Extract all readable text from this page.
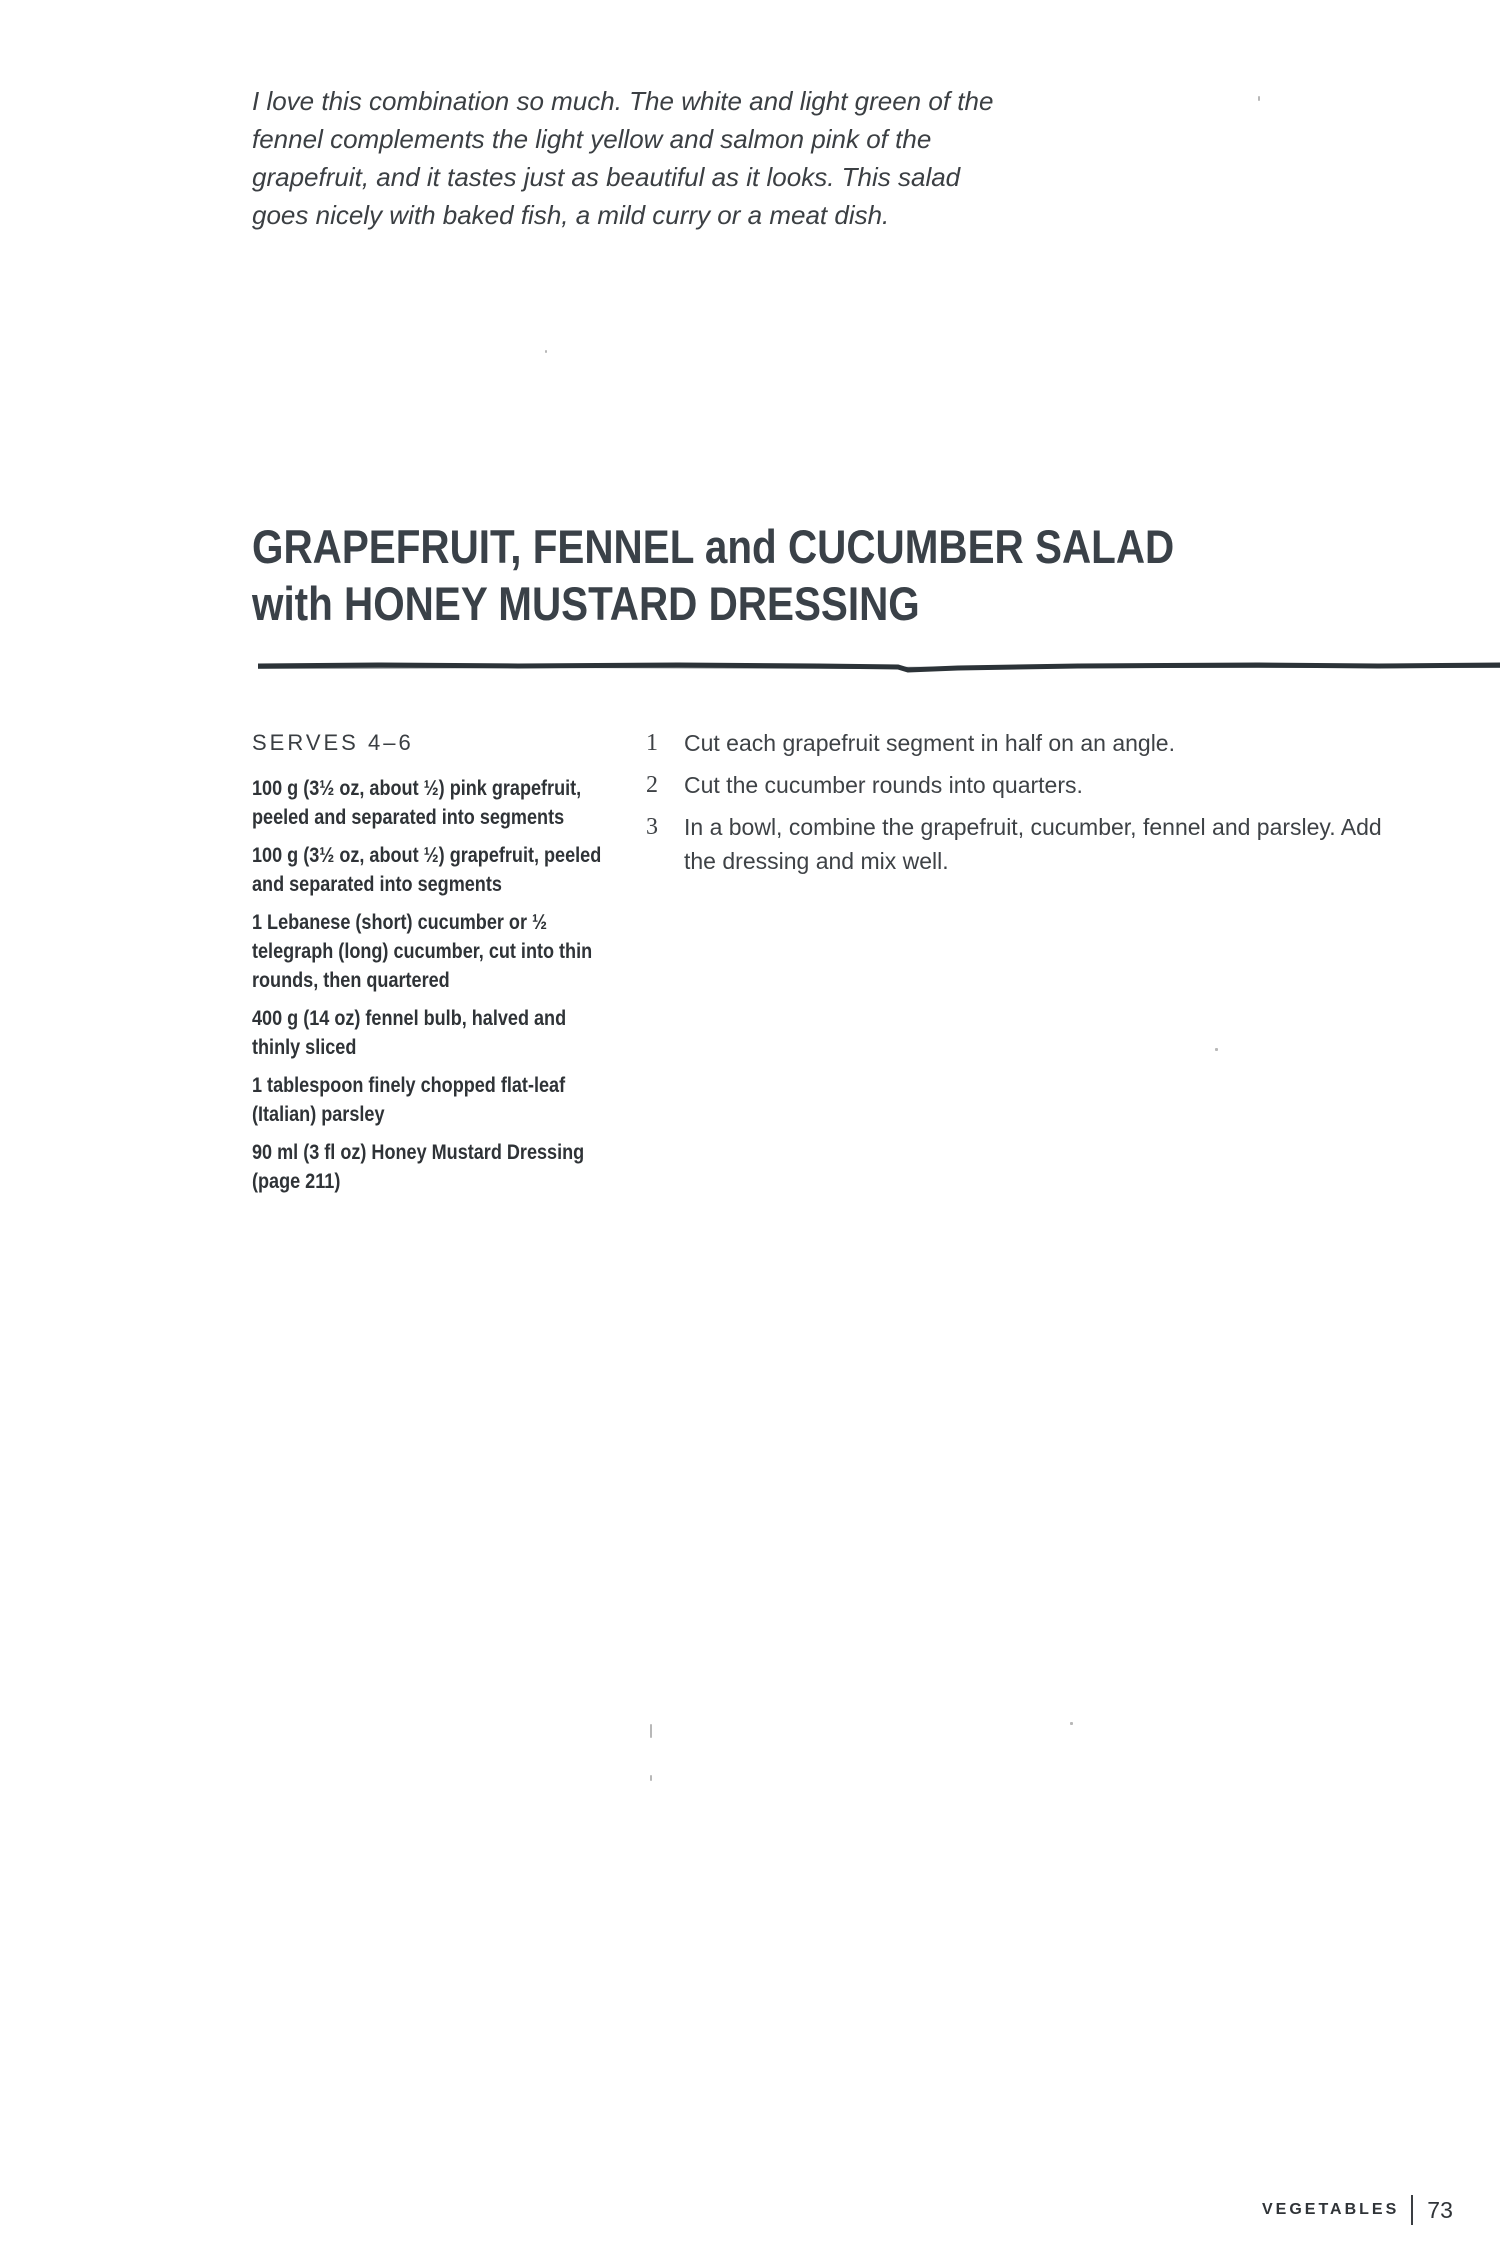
I love this combination so much. The white and light green of the fennel complements the light yellow and salmon pink of the grapefruit, and it tastes just as beautiful as it looks. This salad goes nicely with baked fish, a mild curry or a meat dish.

GRAPEFRUIT, FENNEL and CUCUMBER SALAD
with HONEY MUSTARD DRESSING

SERVES 4–6

100 g (3½ oz, about ½) pink grapefruit, peeled and separated into segments
100 g (3½ oz, about ½) grapefruit, peeled and separated into segments
1 Lebanese (short) cucumber or ½ telegraph (long) cucumber, cut into thin rounds, then quartered
400 g (14 oz) fennel bulb, halved and thinly sliced
1 tablespoon finely chopped flat-leaf (Italian) parsley
90 ml (3 fl oz) Honey Mustard Dressing (page 211)
1 Cut each grapefruit segment in half on an angle.
2 Cut the cucumber rounds into quarters.
3 In a bowl, combine the grapefruit, cucumber, fennel and parsley. Add the dressing and mix well.
VEGETABLES 73
